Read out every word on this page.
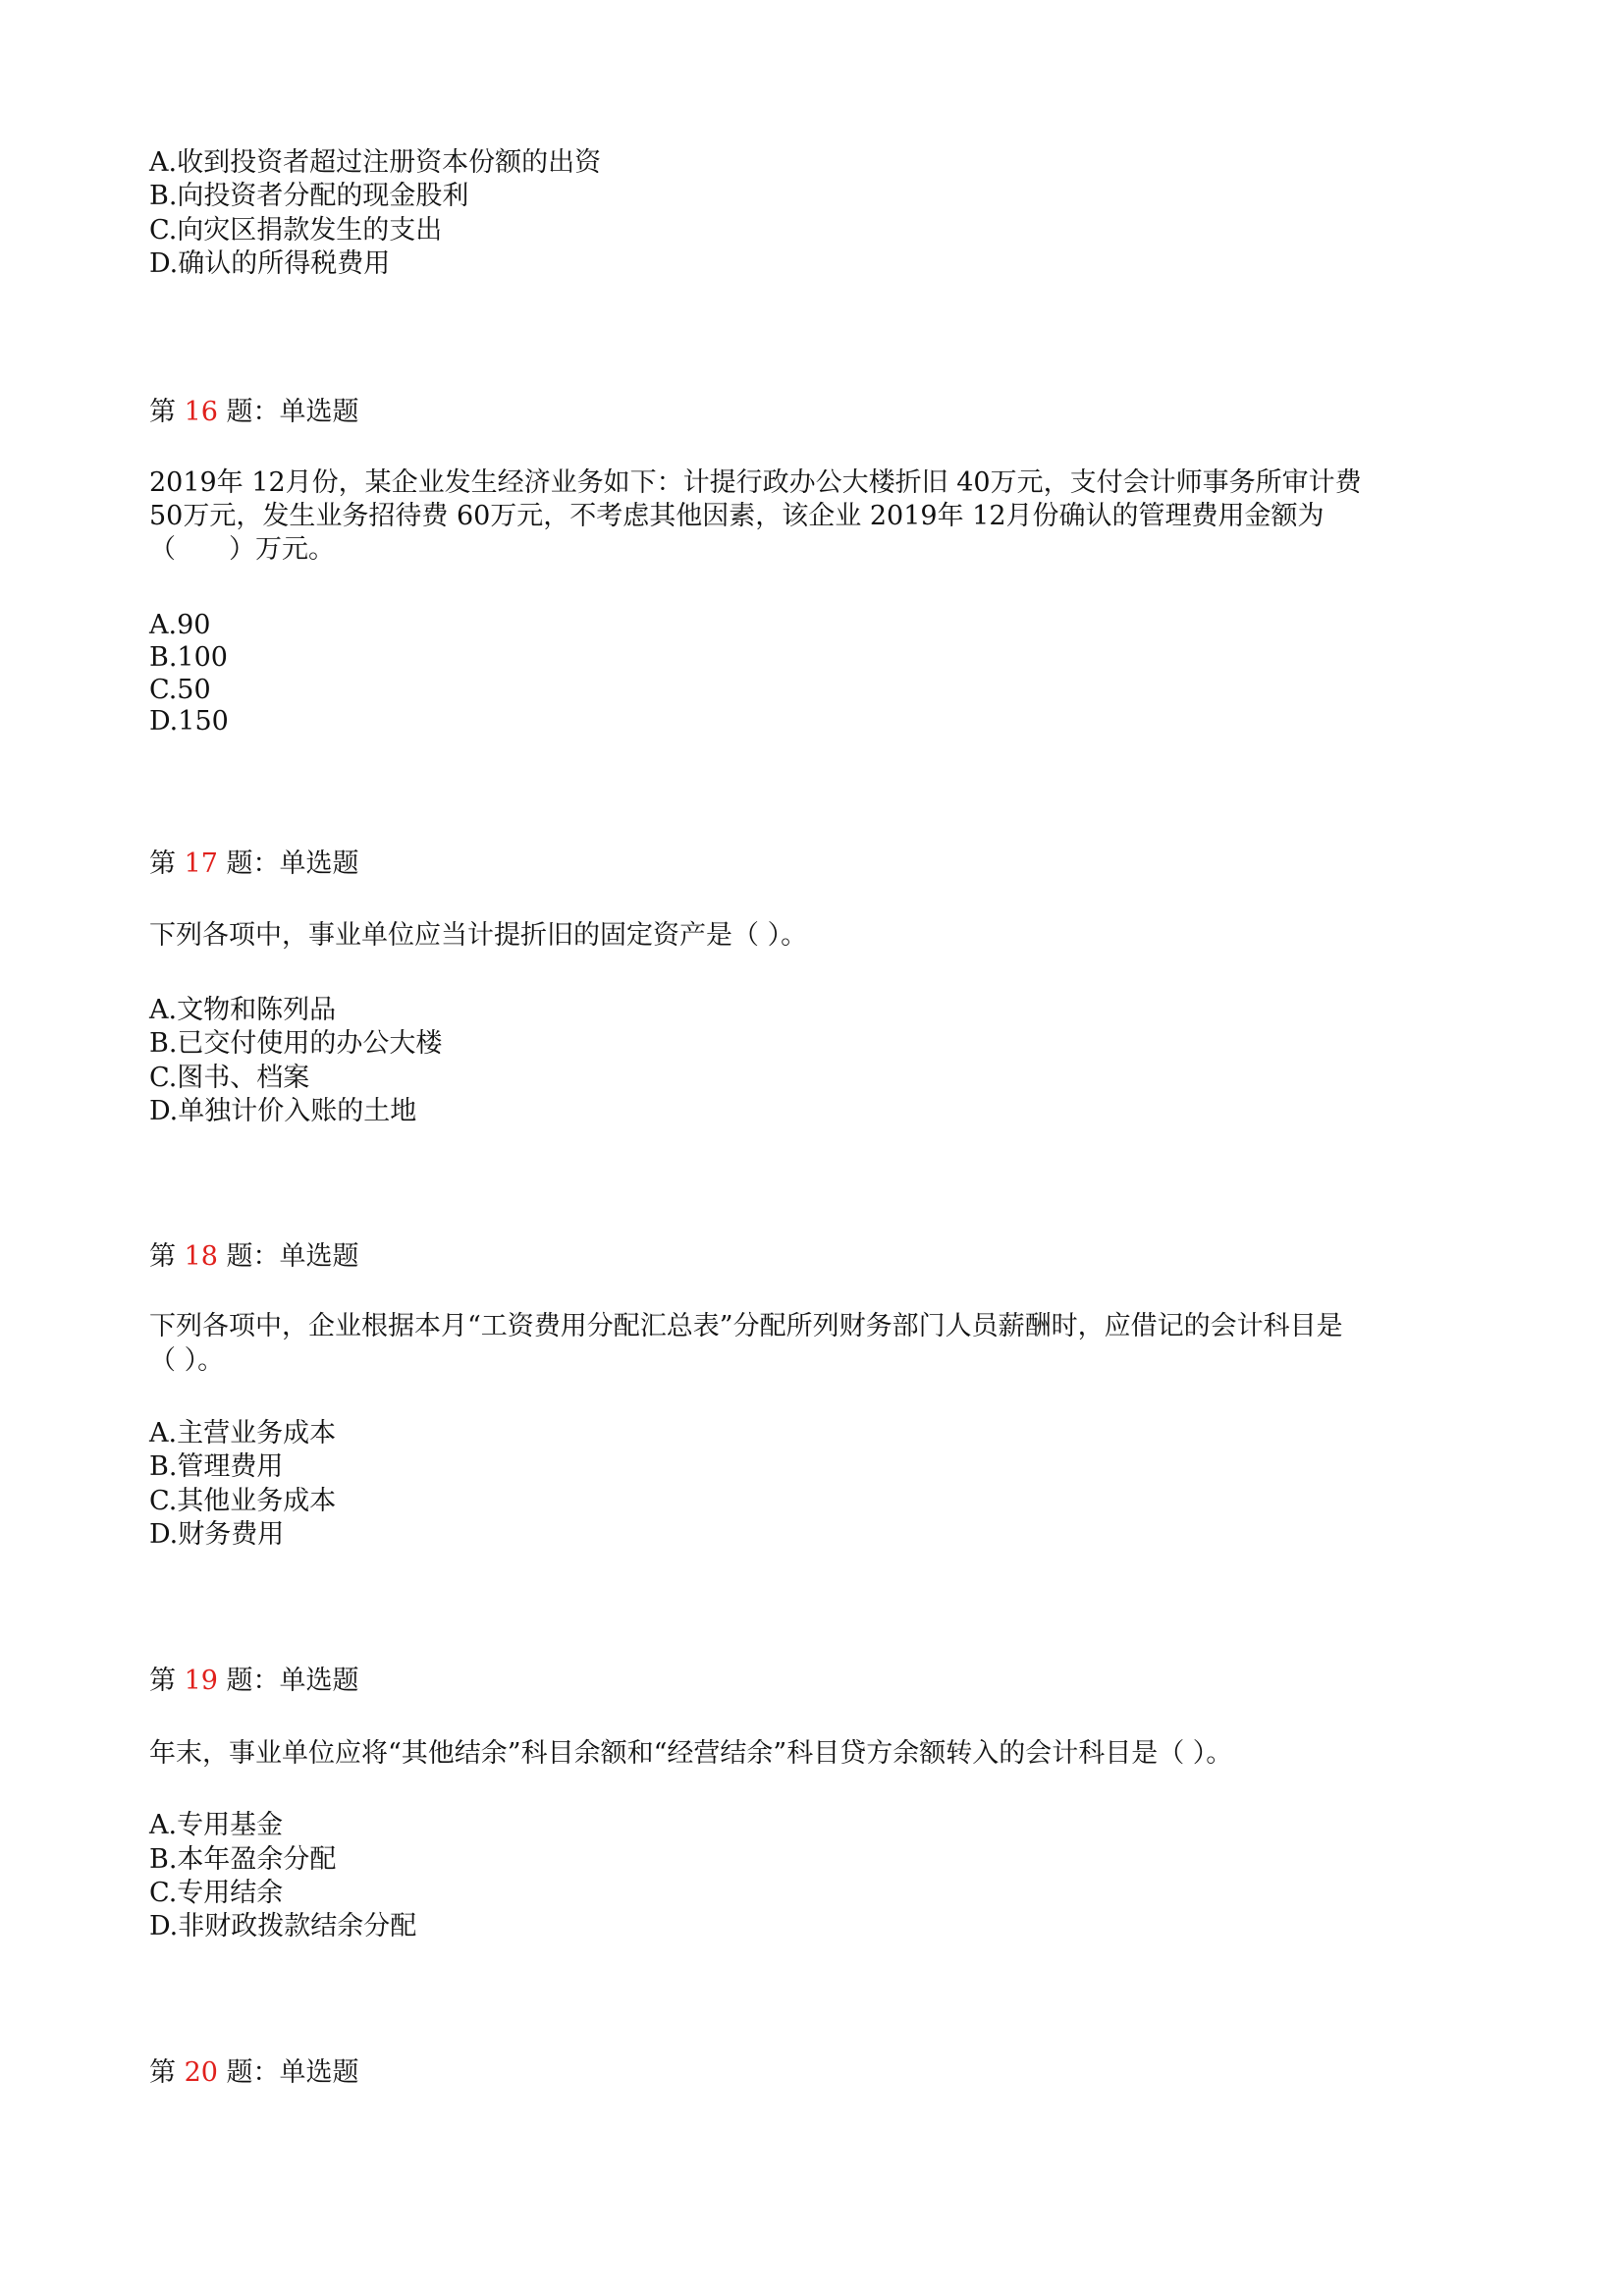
A.收到投资者超过注册资本份额的出资
B.向投资者分配的现金股利
C.向灾区捐款发生的支出
D.确认的所得税费用
第 16 题：单选题
2019年 12月份，某企业发生经济业务如下：计提行政办公大楼折旧 40万元，支付会计师事务所审计费
50万元，发生业务招待费 60万元，不考虑其他因素，该企业 2019年 12月份确认的管理费用金额为
（　　）万元。
A.90
B.100
C.50
D.150
第 17 题：单选题
下列各项中，事业单位应当计提折旧的固定资产是（ ）。
A.文物和陈列品
B.已交付使用的办公大楼
C.图书、档案
D.单独计价入账的土地
第 18 题：单选题
下列各项中，企业根据本月“工资费用分配汇总表”分配所列财务部门人员薪酬时，应借记的会计科目是
（ ）。
A.主营业务成本
B.管理费用
C.其他业务成本
D.财务费用
第 19 题：单选题
年末，事业单位应将“其他结余”科目余额和“经营结余”科目贷方余额转入的会计科目是（ ）。
A.专用基金
B.本年盈余分配
C.专用结余
D.非财政拨款结余分配
第 20 题：单选题
